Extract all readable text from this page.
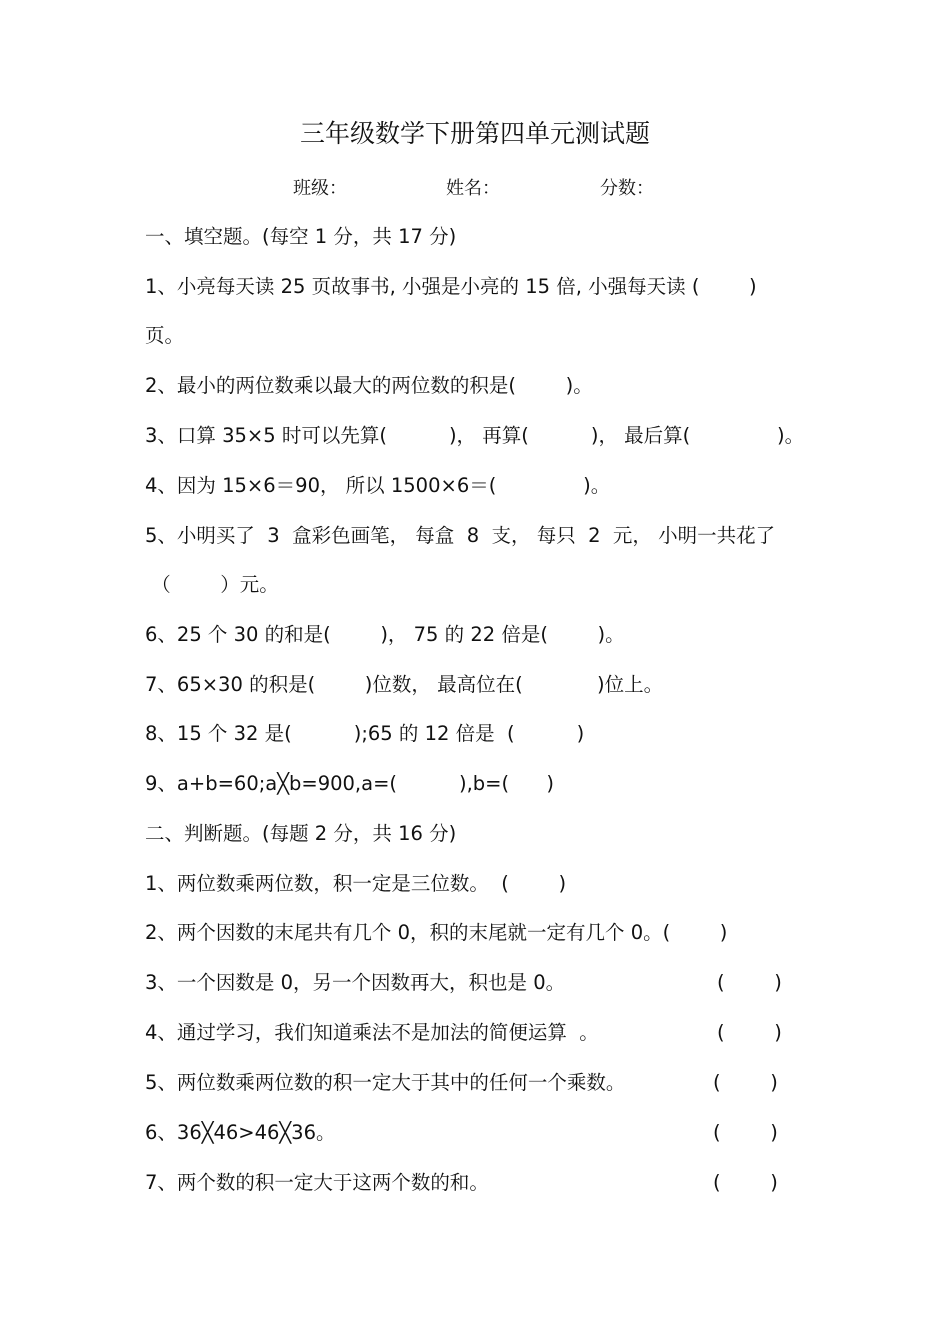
三年级数学下册第四单元测试题
班级：	姓名：	分数：
一、填空题。(每空 1 分，共 17 分)
1、小亮每天读 25 页故事书, 小强是小亮的 15 倍, 小强每天读 (        )
页。
2、最小的两位数乘以最大的两位数的积是(        )。
3、口算 35×5 时可以先算(          )， 再算(          )， 最后算(              )。
4、因为 15×6＝90， 所以 1500×6＝(              )。
5、小明买了  3  盒彩色画笔， 每盒  8  支， 每只  2  元， 小明一共花了
（        ）元。
6、25 个 30 的和是(        )， 75 的 22 倍是(        )。
7、65×30 的积是(        )位数， 最高位在(            )位上。
8、15 个 32 是(          );65 的 12 倍是  (          )
9、a+b=60;a╳b=900,a=(          ),b=(      )
二、判断题。(每题 2 分，共 16 分)
1、两位数乘两位数，积一定是三位数。  (        )
2、两个因数的末尾共有几个 0，积的末尾就一定有几个 0。(        )
3、一个因数是 0，另一个因数再大，积也是 0。	(        )
4、通过学习，我们知道乘法不是加法的简便运算  。	(        )
5、两位数乘两位数的积一定大于其中的任何一个乘数。	(        )
6、36╳46>46╳36。	(        )
7、两个数的积一定大于这两个数的和。	(        )
